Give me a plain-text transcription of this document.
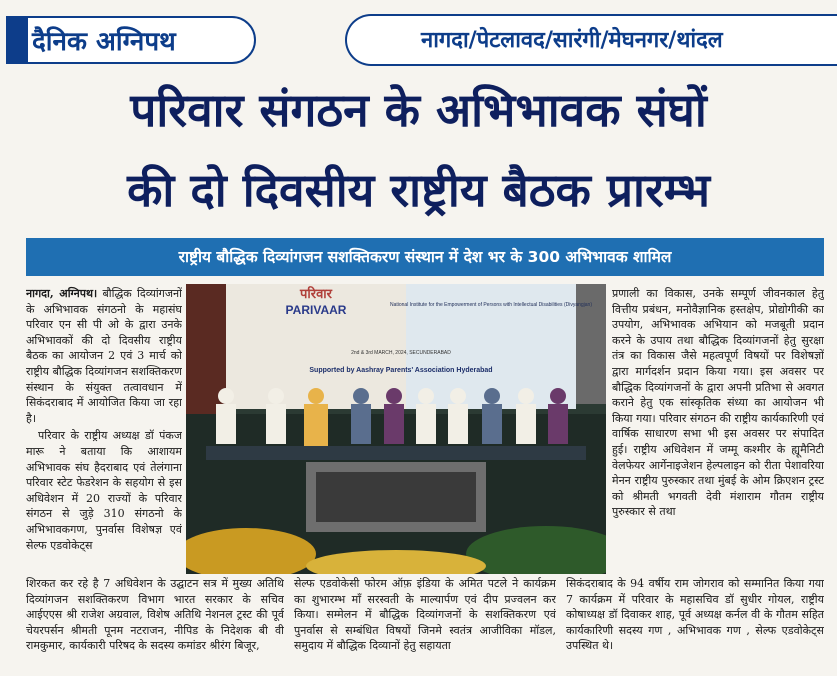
दैनिक अग्निपथ	नागदा/पेटलावद/सारंगी/मेघनगर/थांदल
परिवार संगठन के अभिभावक संघों
की दो दिवसीय राष्ट्रीय बैठक प्रारम्भ
राष्ट्रीय बौद्धिक दिव्यांगजन सशक्तिकरण संस्थान में देश भर के 300 अभिभावक शामिल

नागदा, अग्निपथ। बौद्धिक दिव्यांगजनों के अभिभावक संगठनो के महासंघ परिवार एन सी पी ओ के द्वारा उनके अभिभावकों की दो दिवसीय राष्ट्रीय बैठक का आयोजन 2 एवं 3 मार्च को राष्ट्रीय बौद्धिक दिव्यांगजन सशक्तिकरण संस्थान के संयुक्त तत्वावधान में सिकंदराबाद में आयोजित किया जा रहा है।

परिवार के राष्ट्रीय अध्यक्ष डॉ पंकज मारू ने बताया कि आशायम अभिभावक संघ हैदराबाद एवं तेलंगाना परिवार स्टेट फेडरेशन के सहयोग से इस अधिवेशन में 20 राज्यों के परिवार संगठन से जुड़े 310 संगठनो के अभिभावकगण, पुनर्वास विशेषज्ञ एवं सेल्फ एडवोकेट्स

परिवार
PARIVAAR	National Institute for the Empowerment of Persons with Intellectual Disabilities (Divyangjan)
2nd & 3rd MARCH, 2024, SECUNDERABAD
Supported by Aashray Parents' Association Hyderabad

प्रणाली का विकास, उनके सम्पूर्ण जीवनकाल हेतु वित्तीय प्रबंधन, मनोवैज्ञानिक हस्तक्षेप, प्रोद्योगीकी का उपयोग, अभिभावक अभियान को मजबूती प्रदान करने के उपाय तथा बौद्धिक दिव्यांगजनों हेतु सुरक्षा तंत्र का विकास जैसे महत्वपूर्ण विषयों पर विशेषज्ञों द्वारा मार्गदर्शन प्रदान किया गया। इस अवसर पर बौद्धिक दिव्यांगजनों के द्वारा अपनी प्रतिभा से अवगत कराने हेतु एक सांस्कृतिक संध्या का आयोजन भी किया गया। परिवार संगठन की राष्ट्रीय कार्यकारिणी एवं वार्षिक साधारण सभा भी इस अवसर पर संपादित हुई। राष्ट्रीय अधिवेशन में जम्मू कश्मीर के ह्यूमैनिटी वेलफेयर आर्गेनाइजेशन हेल्पलाइन को रीता पेशावरिया मेनन राष्ट्रीय पुरुस्कार तथा मुंबई के ओम क्रिएशन ट्रस्ट को श्रीमती भगवती देवी मंशाराम गौतम राष्ट्रीय पुरुस्कार से तथा

शिरकत कर रहे है 7 अधिवेशन के उद्घाटन सत्र में मुख्य अतिथि दिव्यांगजन सशक्तिकरण विभाग भारत सरकार के सचिव आईएएस श्री राजेश अग्रवाल, विशेष अतिथि नेशनल ट्रस्ट की पूर्व चेयरपर्सन श्रीमती पूनम नटराजन, नीपिड के निदेशक बी वी रामकुमार, कार्यकारी परिषद के सदस्य कमांडर श्रीरंग बिजूर,
सेल्फ एडवोकेसी फोरम ऑफ़ इंडिया के अमित पटले ने कार्यक्रम का शुभारम्भ माँ सरस्वती के माल्यार्पण एवं दीप प्रज्वलन कर किया। सम्मेलन में बौद्धिक दिव्यांगजनों के सशक्तिकरण एवं पुनर्वास से सम्बंधित विषयों जिनमे स्वतंत्र आजीविका मॉडल, समुदाय में बौद्धिक दिव्यानों हेतु सहायता
सिकंदराबाद के 94 वर्षीय राम जोगराव को सम्मानित किया गया 7 कार्यक्रम में परिवार के महासचिव डॉ सुधीर गोयल, राष्ट्रीय कोषाध्यक्ष डॉ दिवाकर शाह, पूर्व अध्यक्ष कर्नल वी के गौतम सहित कार्यकारिणी सदस्य गण , अभिभावक गण , सेल्फ एडवोकेट्स उपस्थित थे।
